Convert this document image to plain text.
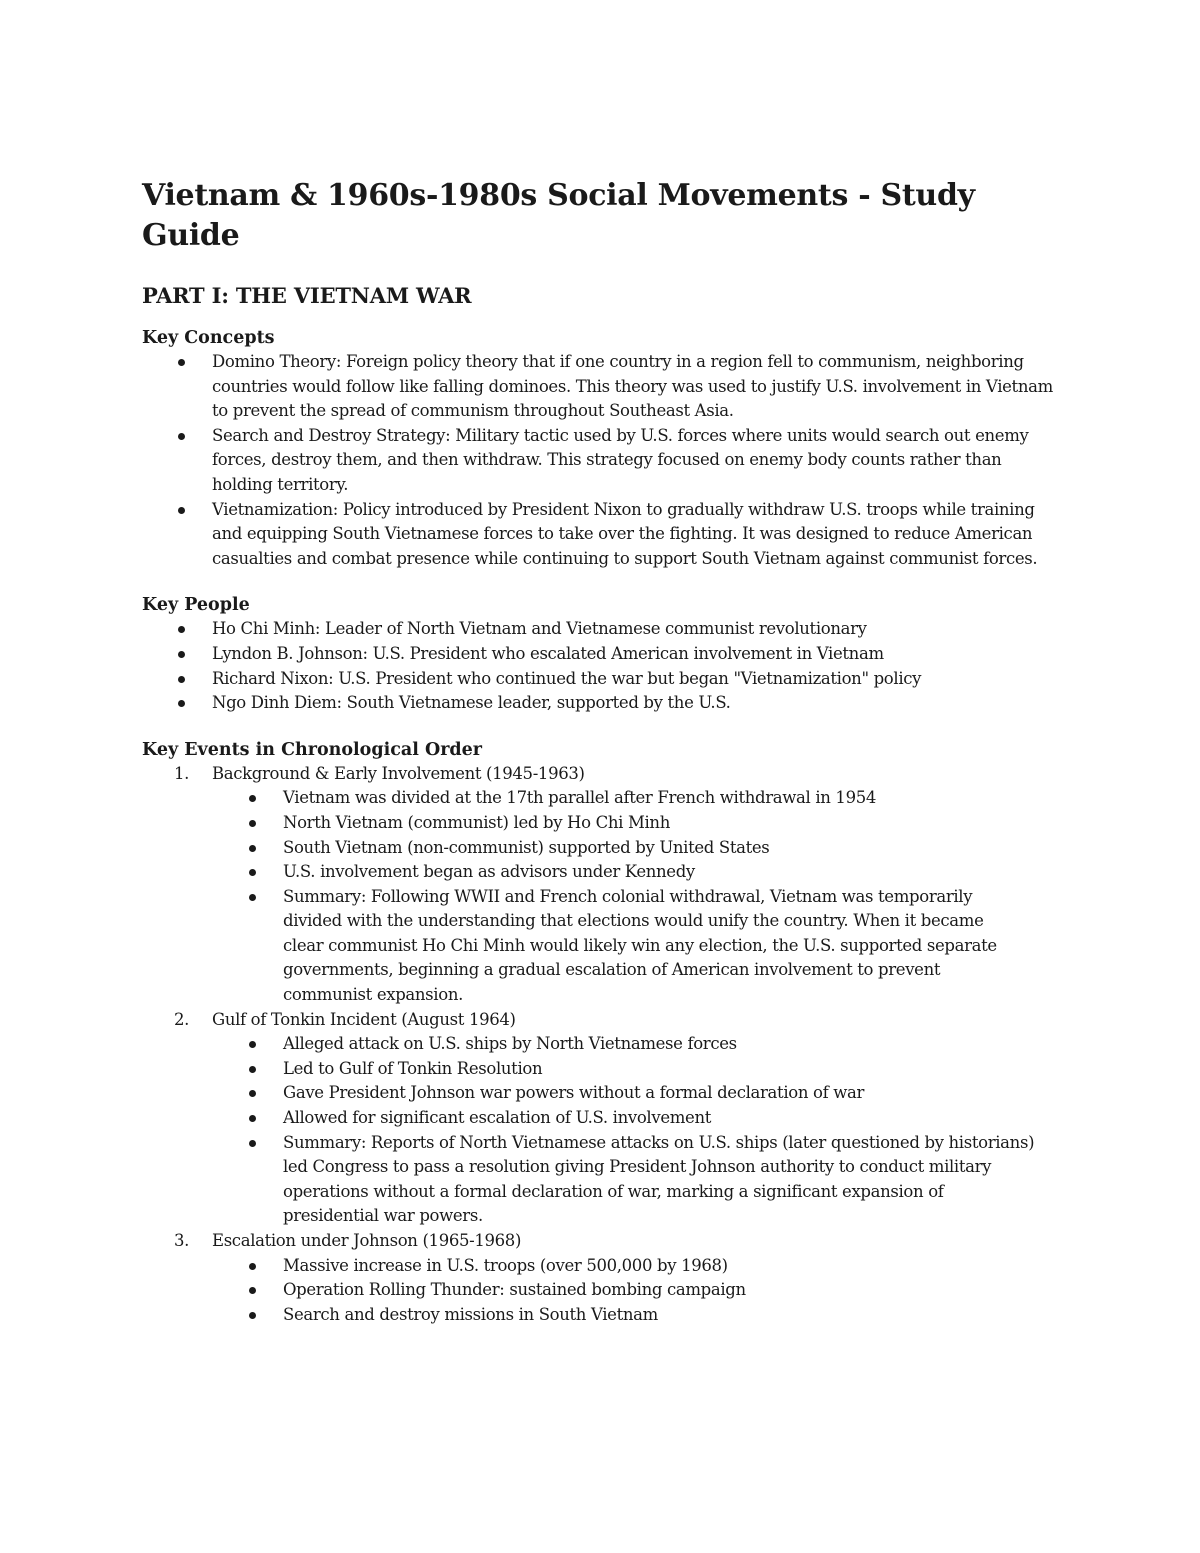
Vietnam & 1960s-1980s Social Movements - Study Guide
PART I: THE VIETNAM WAR
Key Concepts
Domino Theory: Foreign policy theory that if one country in a region fell to communism, neighboring countries would follow like falling dominoes. This theory was used to justify U.S. involvement in Vietnam to prevent the spread of communism throughout Southeast Asia.
Search and Destroy Strategy: Military tactic used by U.S. forces where units would search out enemy forces, destroy them, and then withdraw. This strategy focused on enemy body counts rather than holding territory.
Vietnamization: Policy introduced by President Nixon to gradually withdraw U.S. troops while training and equipping South Vietnamese forces to take over the fighting. It was designed to reduce American casualties and combat presence while continuing to support South Vietnam against communist forces.
Key People
Ho Chi Minh: Leader of North Vietnam and Vietnamese communist revolutionary
Lyndon B. Johnson: U.S. President who escalated American involvement in Vietnam
Richard Nixon: U.S. President who continued the war but began "Vietnamization" policy
Ngo Dinh Diem: South Vietnamese leader, supported by the U.S.
Key Events in Chronological Order
1. Background & Early Involvement (1945-1963)
Vietnam was divided at the 17th parallel after French withdrawal in 1954
North Vietnam (communist) led by Ho Chi Minh
South Vietnam (non-communist) supported by United States
U.S. involvement began as advisors under Kennedy
Summary: Following WWII and French colonial withdrawal, Vietnam was temporarily divided with the understanding that elections would unify the country. When it became clear communist Ho Chi Minh would likely win any election, the U.S. supported separate governments, beginning a gradual escalation of American involvement to prevent communist expansion.
2. Gulf of Tonkin Incident (August 1964)
Alleged attack on U.S. ships by North Vietnamese forces
Led to Gulf of Tonkin Resolution
Gave President Johnson war powers without a formal declaration of war
Allowed for significant escalation of U.S. involvement
Summary: Reports of North Vietnamese attacks on U.S. ships (later questioned by historians) led Congress to pass a resolution giving President Johnson authority to conduct military operations without a formal declaration of war, marking a significant expansion of presidential war powers.
3. Escalation under Johnson (1965-1968)
Massive increase in U.S. troops (over 500,000 by 1968)
Operation Rolling Thunder: sustained bombing campaign
Search and destroy missions in South Vietnam
